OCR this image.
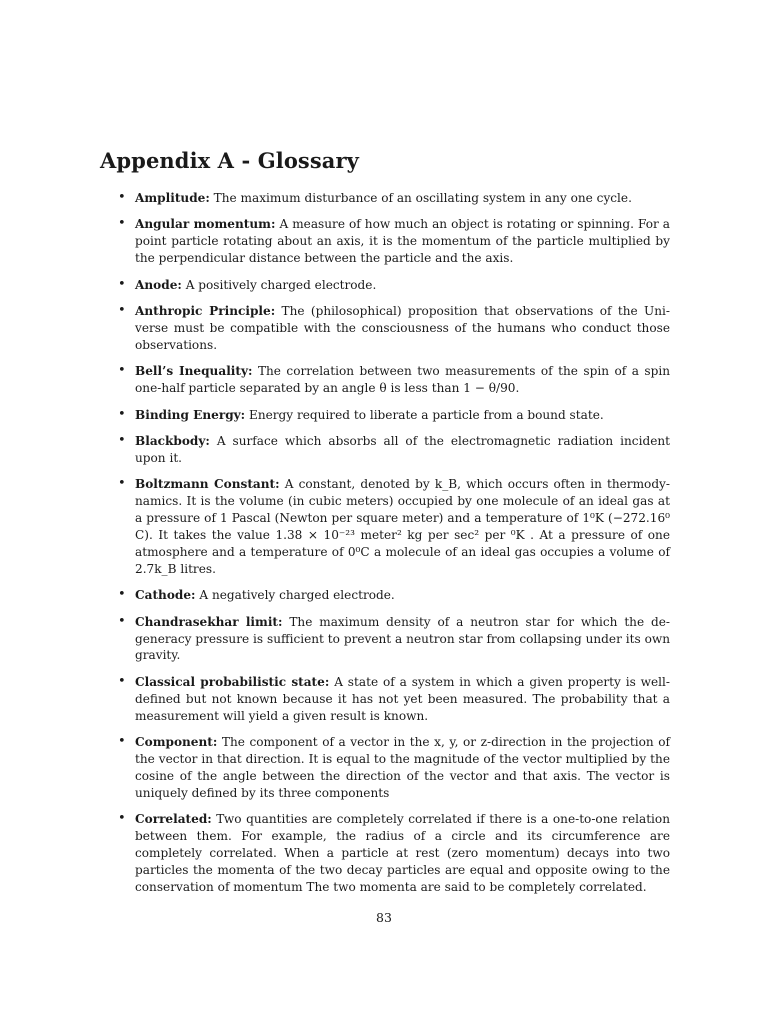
Appendix A - Glossary
• Amplitude: The maximum disturbance of an oscillating system in any one cycle.
• Angular momentum: A measure of how much an object is rotating or spinning. For a point particle rotating about an axis, it is the momentum of the particle multiplied by the perpendicular distance between the particle and the axis.
• Anode: A positively charged electrode.
• Anthropic Principle: The (philosophical) proposition that observations of the Universe must be compatible with the consciousness of the humans who conduct those observations.
• Bell’s Inequality: The correlation between two measurements of the spin of a spin one-half particle separated by an angle θ is less than 1 − θ/90.
• Binding Energy: Energy required to liberate a particle from a bound state.
• Blackbody: A surface which absorbs all of the electromagnetic radiation incident upon it.
• Boltzmann Constant: A constant, denoted by k_B, which occurs often in thermodynamics. It is the volume (in cubic meters) occupied by one molecule of an ideal gas at a pressure of 1 Pascal (Newton per square meter) and a temperature of 1⁰K (−272.16⁰ C). It takes the value 1.38 × 10⁻²³ meter² kg per sec² per ⁰K . At a pressure of one atmosphere and a temperature of 0⁰C a molecule of an ideal gas occupies a volume of 2.7k_B litres.
• Cathode: A negatively charged electrode.
• Chandrasekhar limit: The maximum density of a neutron star for which the degeneracy pressure is sufficient to prevent a neutron star from collapsing under its own gravity.
• Classical probabilistic state: A state of a system in which a given property is well-defined but not known because it has not yet been measured. The probability that a measurement will yield a given result is known.
• Component: The component of a vector in the x, y, or z-direction in the projection of the vector in that direction. It is equal to the magnitude of the vector multiplied by the cosine of the angle between the direction of the vector and that axis. The vector is uniquely defined by its three components
• Correlated: Two quantities are completely correlated if there is a one-to-one relation between them. For example, the radius of a circle and its circumference are completely correlated. When a particle at rest (zero momentum) decays into two particles the momenta of the two decay particles are equal and opposite owing to the conservation of momentum The two momenta are said to be completely correlated.
83
